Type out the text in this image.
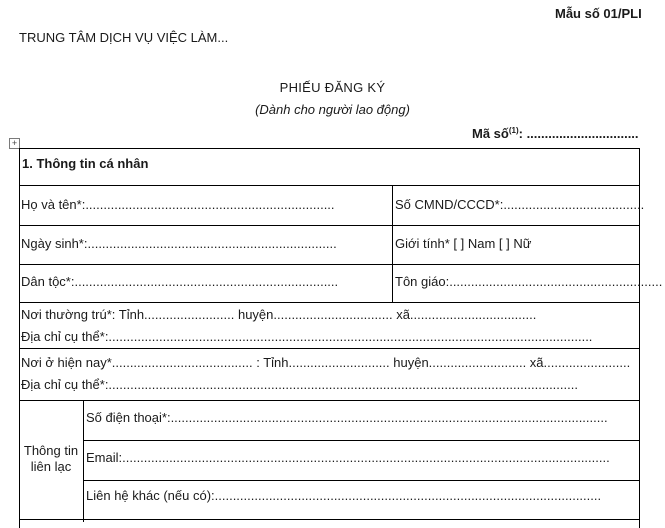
Mẫu số 01/PLI
TRUNG TÂM DỊCH VỤ VIỆC LÀM...
PHIẾU ĐĂNG KÝ
(Dành cho người lao động)
Mã số$^{(1)}$: ...............................
+
1. Thông tin cá nhân
Họ và tên*:.....................................................................	Số CMND/CCCD*:.......................................
Ngày sinh*:.....................................................................	Giới tính* [ ] Nam [ ] Nữ
Dân tộc*:.........................................................................	Tôn giáo:...........................................................
Nơi thường trú*: Tỉnh......................... huyện................................. xã...................................
Địa chỉ cụ thể*:......................................................................................................................................
Nơi ở hiện nay*....................................... : Tỉnh............................ huyện........................... xã........................
Địa chỉ cụ thể*:..................................................................................................................................
Thông tin liên lạc
Số điện thoại*:.........................................................................................................................
Email:.......................................................................................................................................
Liên hệ khác (nếu có):...........................................................................................................
